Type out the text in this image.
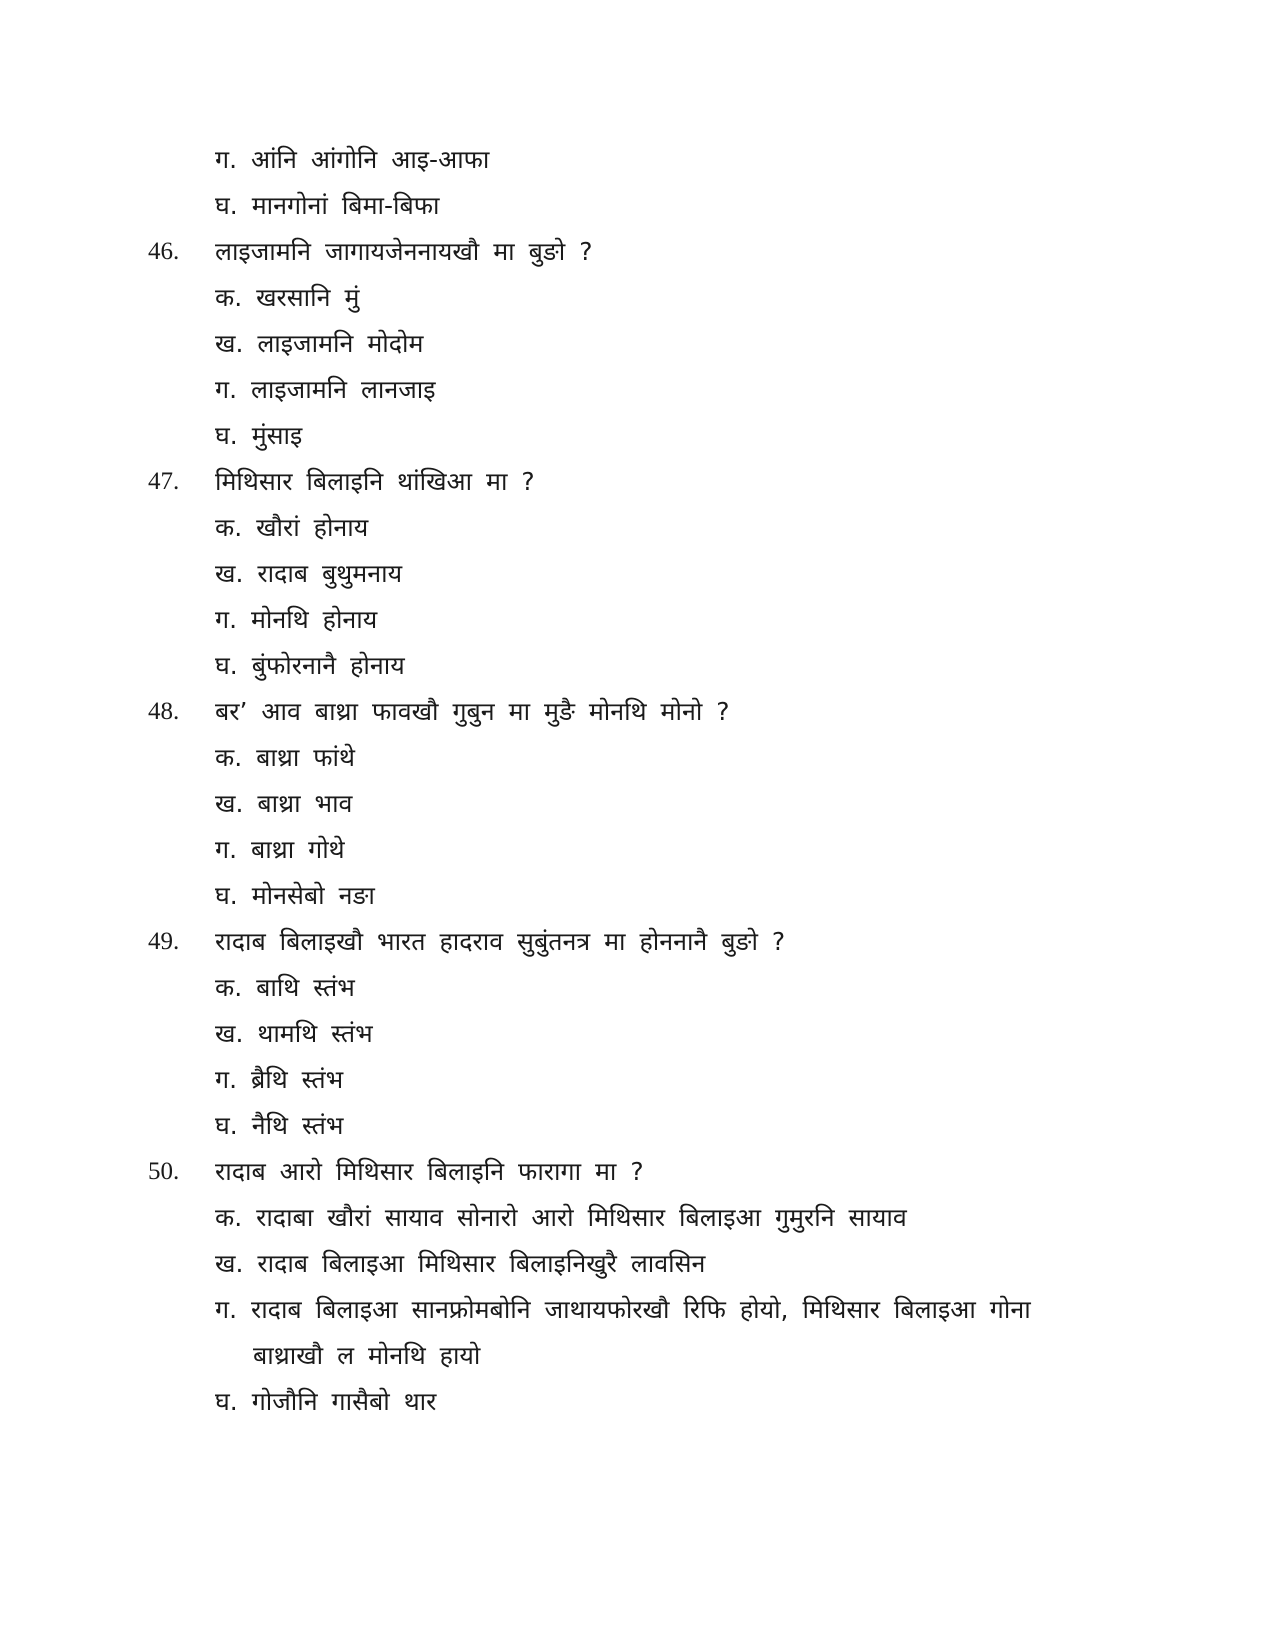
ग. आंनि आंगोनि आइ-आफा
घ. मानगोनां बिमा-बिफा
46. लाइजामनि जागायजेननायखौ मा बुङो ?
क. खरसानि मुं
ख. लाइजामनि मोदोम
ग. लाइजामनि लानजाइ
घ. मुंसाइ
47. मिथिसार बिलाइनि थांखिआ मा ?
क. खौरां होनाय
ख. रादाब बुथुमनाय
ग. मोनथि होनाय
घ. बुंफोरनानै होनाय
48. बर’ आव बाथ्रा फावखौ गुबुन मा मुङै मोनथि मोनो ?
क. बाथ्रा फांथे
ख. बाथ्रा भाव
ग. बाथ्रा गोथे
घ. मोनसेबो नङा
49. रादाब बिलाइखौ भारत हादराव सुबुंतनत्र मा होननानै बुङो ?
क. बाथि स्तंभ
ख. थामथि स्तंभ
ग. ब्रैथि स्तंभ
घ. नैथि स्तंभ
50. रादाब आरो मिथिसार बिलाइनि फारागा मा ?
क. रादाबा खौरां सायाव सोनारो आरो मिथिसार बिलाइआ गुमुरनि सायाव
ख. रादाब बिलाइआ मिथिसार बिलाइनिखुरै लावसिन
ग. रादाब बिलाइआ सानफ्रोमबोनि जाथायफोरखौ रिफि होयो, मिथिसार बिलाइआ गोना
बाथ्राखौ ल मोनथि हायो
घ. गोजौनि गासैबो थार
